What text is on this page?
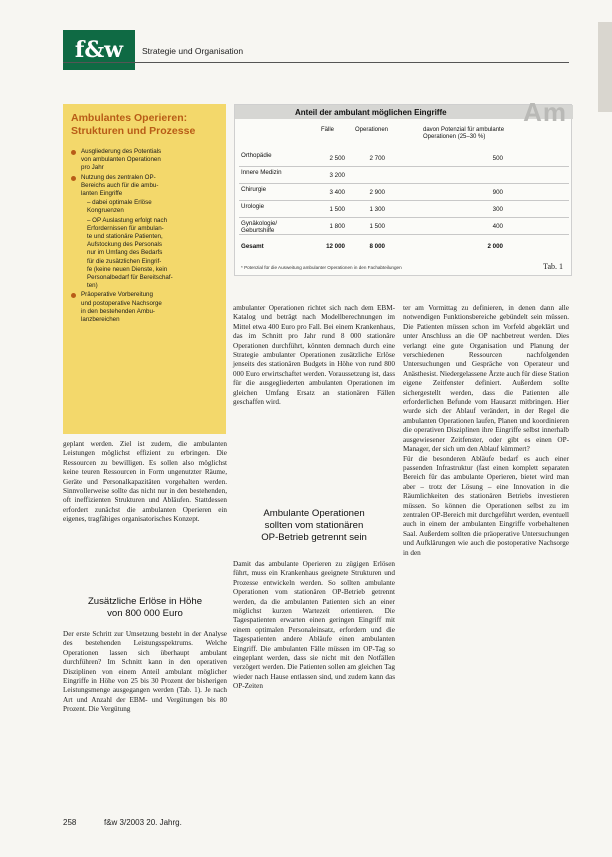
f&w	Strategie und Organisation
Ambulantes Operieren:
Strukturen und Prozesse
Ausgliederung des Potentials
von ambulanten Operationen
pro Jahr
Nutzung des zentralen OP-
Bereichs auch für die ambu-
lanten Eingriffe
– dabei optimale Erlöse
Kongruenzen
– OP Auslastung erfolgt nach
Erfordernissen für ambulan-
te und stationäre Patienten,
Aufstockung des Personals
nur im Umfang des Bedarfs
für die zusätzlichen Eingrif-
fe (keine neuen Dienste, kein
Personalbedarf für Bereitschaf-
ten)
Präoperative Vorbereitung
und postoperative Nachsorge
in den bestehenden Ambu-
lanzbereichen
Am
Anteil der ambulant möglichen Eingriffe
Fälle	Operationen	davon Potenzial für ambulante
Operationen (25–30 %)
Orthopädie	2 500	2 700	500
Innere Medizin	3 200
Chirurgie	3 400	2 900	900
Urologie	1 500	1 300	300
Gynäkologie/
Geburtshilfe
1 800	1 500	400
Gesamt	12 000	8 000	2 000
* Potenzial für die Ausweitung ambulanter Operationen in den Fachabteilungen	Tab. 1

geplant werden. Ziel ist zudem, die ambulanten Leistungen möglichst effizient zu erbringen. Die Ressourcen zu bewilligen. Es sollen also möglichst keine teuren Ressourcen in Form ungenutzter Räume, Geräte und Personalkapazitäten vorgehalten werden. Sinnvollerweise sollte das nicht nur in den bestehenden, oft ineffizienten Strukturen und Abläufen. Stattdessen erfordert zunächst die ambulanten Operieren ein eigenes, tragfähiges organisatorisches Konzept.

Zusätzliche Erlöse in Höhe
von 800 000 Euro

Der erste Schritt zur Umsetzung besteht in der Analyse des bestehenden Leistungsspektrums. Welche Operationen lassen sich überhaupt ambulant durchführen? Im Schnitt kann in den operativen Disziplinen von einem Anteil ambulant möglicher Eingriffe in Höhe von 25 bis 30 Prozent der bisherigen Leistungsmenge ausgegangen werden (Tab. 1). Je nach Art und Anzahl der EBM- und Vergütungen bis 80 Prozent. Die Vergütung

ambulanter Operationen richtet sich nach dem EBM-Katalog und beträgt nach Modellberechnungen im Mittel etwa 400 Euro pro Fall. Bei einem Krankenhaus, das im Schnitt pro Jahr rund 8 000 stationäre Operationen durchführt, könnten demnach durch eine Strategie ambulanter Operationen zusätzliche Erlöse jenseits des stationären Budgets in Höhe von rund 800 000 Euro erwirtschaftet werden. Voraussetzung ist, dass für die ausgegliederten ambulanten Operationen im gleichen Umfang Ersatz an stationären Fällen geschaffen wird.

Ambulante Operationen
sollten vom stationären
OP-Betrieb getrennt sein

Damit das ambulante Operieren zu zügigen Erlösen führt, muss ein Krankenhaus geeignete Strukturen und Prozesse entwickeln werden. So sollten ambulante Operationen vom stationären OP-Betrieb getrennt werden, da die ambulanten Patienten sich an einer möglichst kurzen Wartezeit orientieren. Die Tagespatienten erwarten einen geringen Eingriff mit einem optimalen Personaleinsatz, erfordern und die Tagespatienten andere Abläufe einen ambulanten Eingriff. Die ambulanten Fälle müssen im OP-Tag so eingeplant werden, dass sie nicht mit den Notfällen verzögert werden. Die Patienten sollen am gleichen Tag wieder nach Hause entlassen sind, und zudem kann das OP-Zeiten

ter am Vormittag zu definieren, in denen dann alle notwendigen Funktionsbereiche gebündelt sein müssen. Die Patienten müssen schon im Vorfeld abgeklärt und unter Anschluss an die OP nachbetreut werden. Dies verlangt eine gute Organisation und Planung der verschiedenen Ressourcen nachfolgenden Untersuchungen und Gespräche von Operateur und Anästhesist. Niedergelassene Ärzte auch für diese Station eigene Zeitfenster definiert. Außerdem sollte sichergestellt werden, dass die Patienten alle erforderlichen Befunde vom Hausarzt mitbringen. Hier wurde sich der Ablauf verändert, in der Regel die ambulanten Operationen laufen, Planen und koordinieren die operativen Disziplinen ihre Eingriffe selbst innerhalb ausgewiesener Zeitfenster, oder gibt es einen OP-Manager, der sich um den Ablauf kümmert?

Für die besonderen Abläufe bedarf es auch einer passenden Infrastruktur (fast einen komplett separaten Bereich für das ambulante Operieren, bietet wird man aber – trotz der Lösung – eine Innovation in die Räumlichkeiten des stationären Betriebs investieren müssen. So können die Operationen selbst zu im zentralen OP-Bereich mit durchgeführt werden, eventuell auch in einem der ambulanten Eingriffe vorbehaltenen Saal. Außerdem sollten die präoperative Untersuchungen und Aufklärungen wie auch die postoperative Nachsorge in den

258	f&w 3/2003 20. Jahrg.
